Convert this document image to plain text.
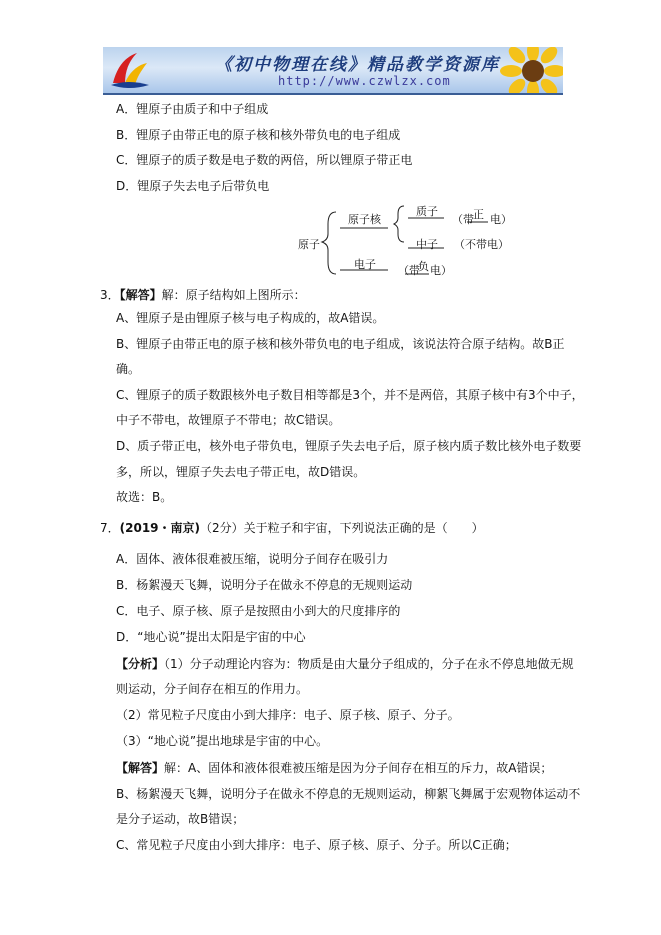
《初中物理在线》精品教学资源库
http://www.czwlzx.com
A．锂原子由质子和中子组成
B．锂原子由带正电的原子核和核外带负电的电子组成
C．锂原子的质子数是电子数的两倍，所以锂原子带正电
D．锂原子失去电子后带负电
原子
原子核
质子
（带 正 电）
中子 （不带电）
电子 （带
负 电）
3．【解答】解：原子结构如上图所示：
A、锂原子是由锂原子核与电子构成的，故A错误。
B、锂原子由带正电的原子核和核外带负电的电子组成，该说法符合原子结构。故B正
确。
C、锂原子的质子数跟核外电子数目相等都是3个，并不是两倍，其原子核中有3个中子，
中子不带电，故锂原子不带电；故C错误。
D、质子带正电，核外电子带负电，锂原子失去电子后，原子核内质子数比核外电子数要
多，所以，锂原子失去电子带正电，故D错误。
故选：B。
7．(2019・南京)（2分）关于粒子和宇宙，下列说法正确的是（　　）
A．固体、液体很难被压缩，说明分子间存在吸引力
B．杨絮漫天飞舞，说明分子在做永不停息的无规则运动
C．电子、原子核、原子是按照由小到大的尺度排序的
D．“地心说”提出太阳是宇宙的中心
【分析】（1）分子动理论内容为：物质是由大量分子组成的，分子在永不停息地做无规
则运动，分子间存在相互的作用力。
（2）常见粒子尺度由小到大排序：电子、原子核、原子、分子。
（3）“地心说”提出地球是宇宙的中心。
【解答】解：A、固体和液体很难被压缩是因为分子间存在相互的斥力，故A错误；
B、杨絮漫天飞舞，说明分子在做永不停息的无规则运动，柳絮飞舞属于宏观物体运动不
是分子运动，故B错误；
C、常见粒子尺度由小到大排序：电子、原子核、原子、分子。所以C正确；
